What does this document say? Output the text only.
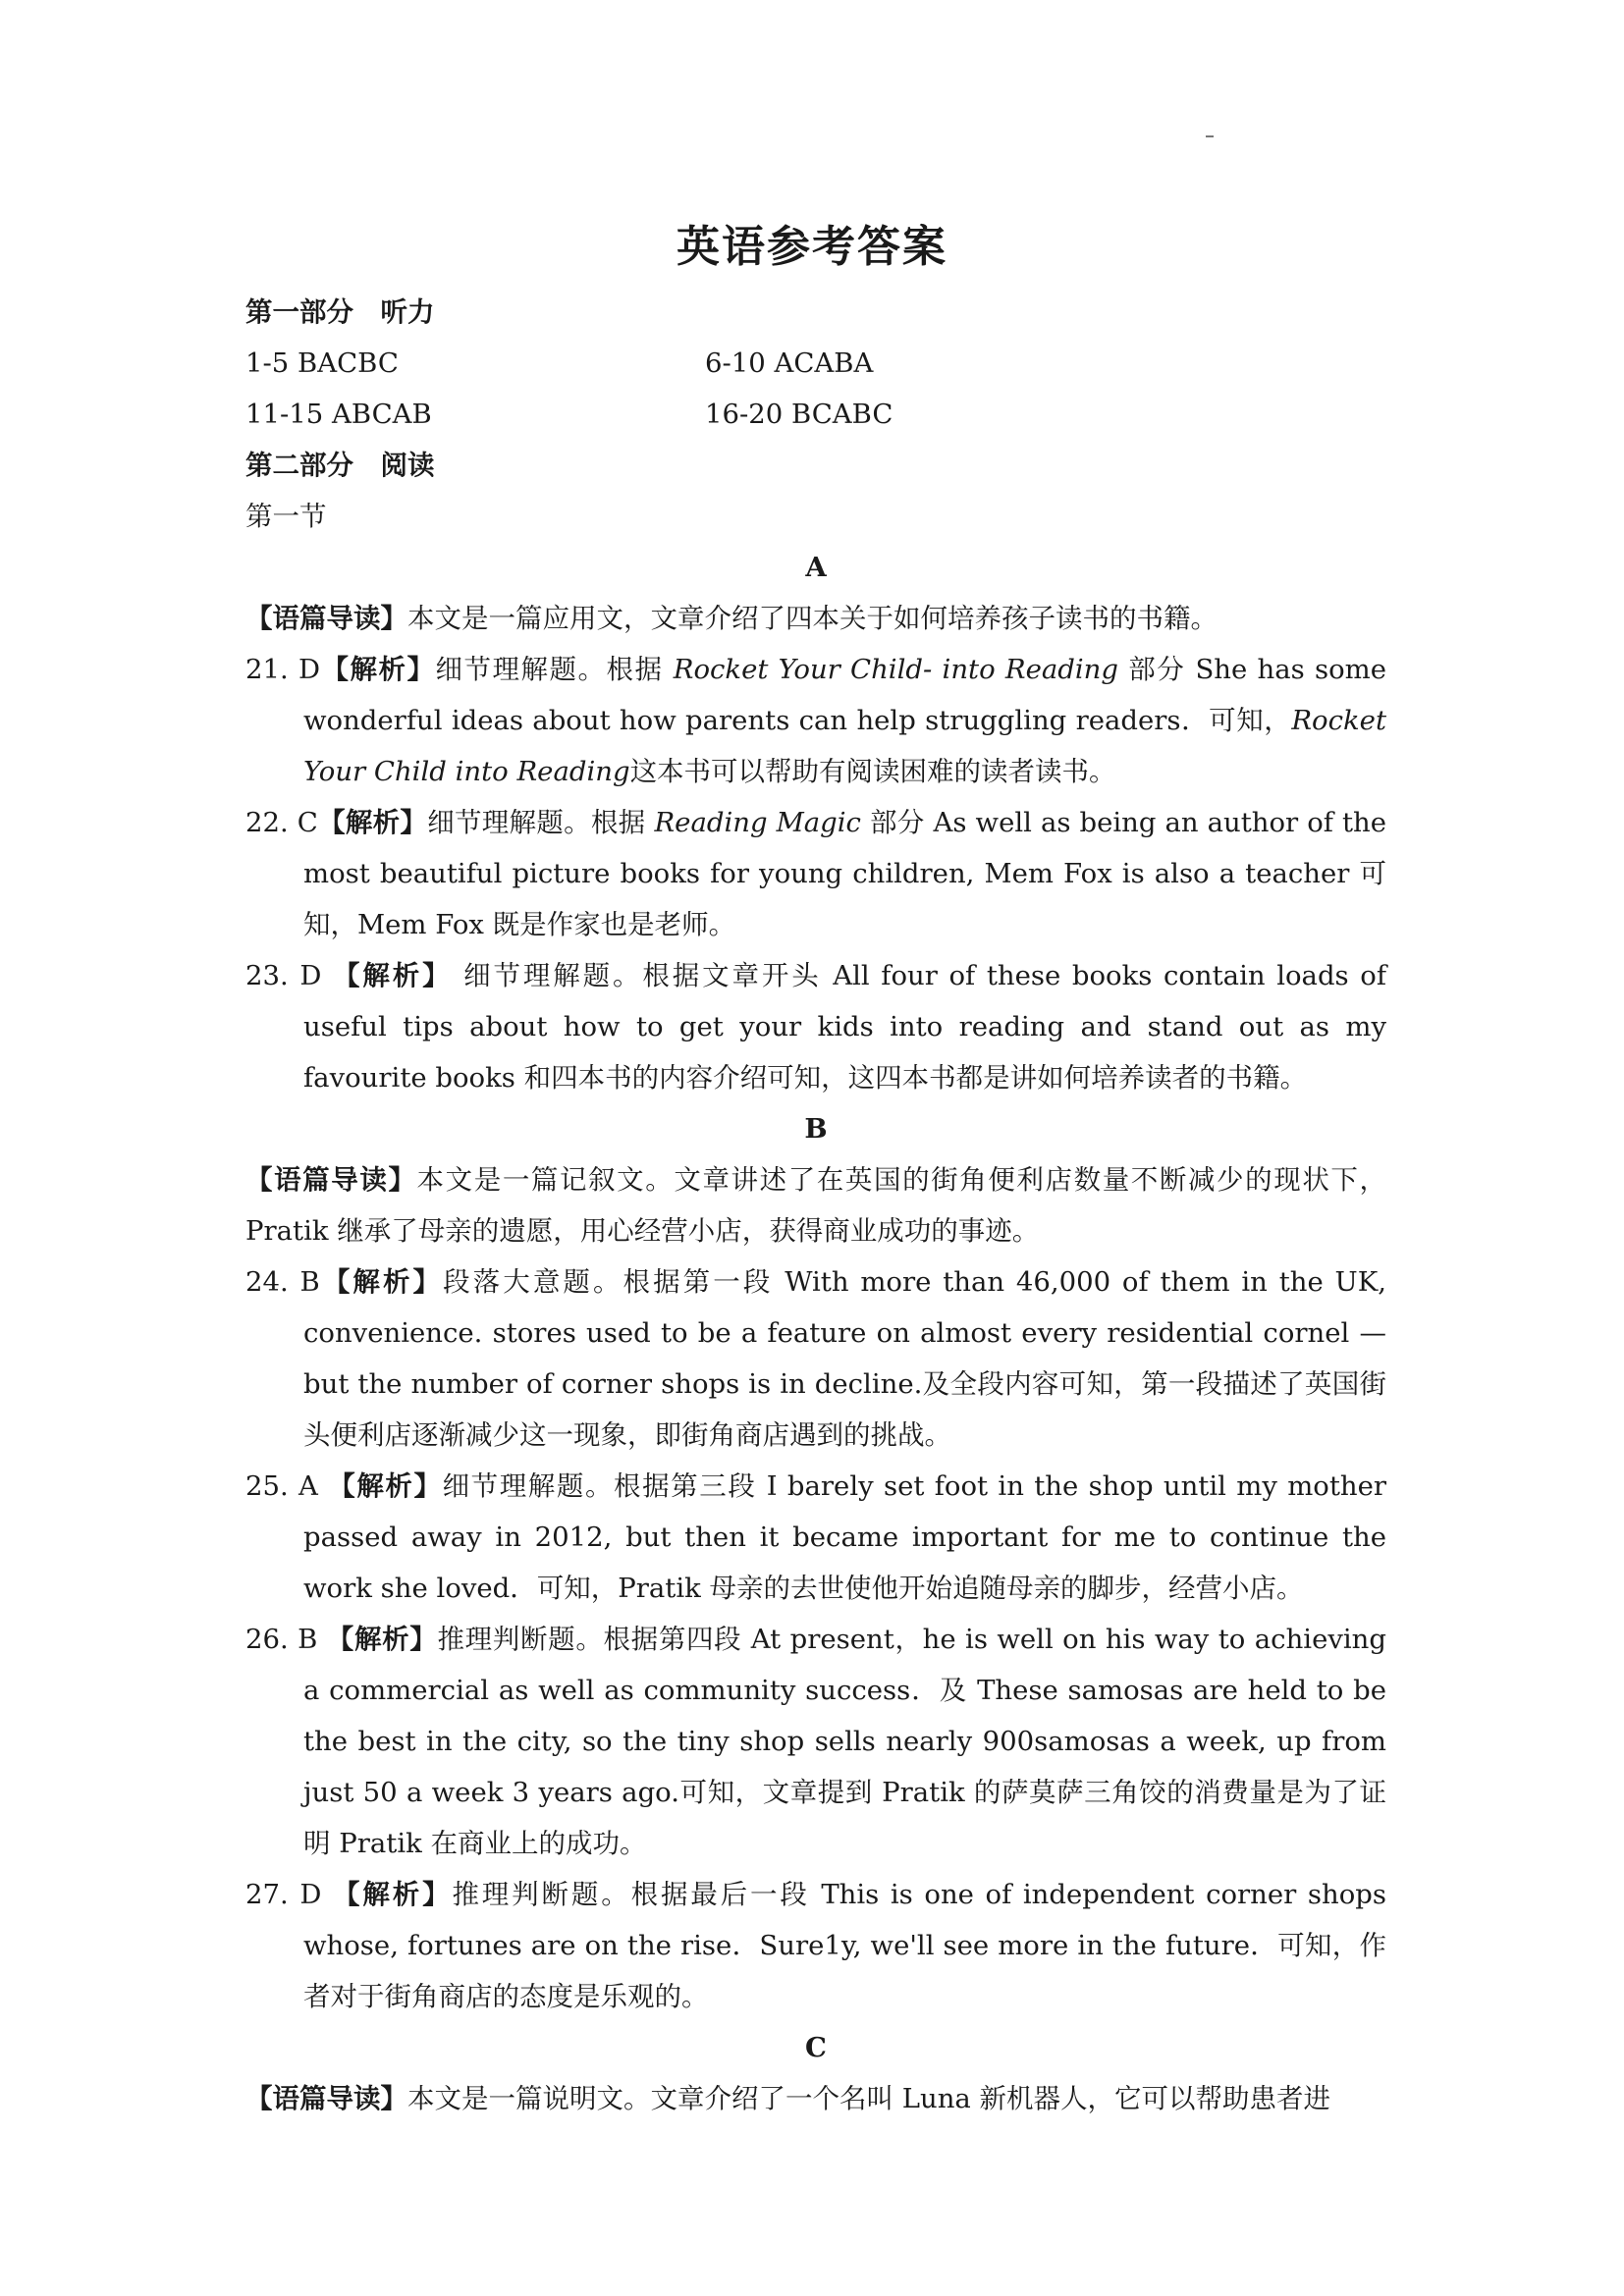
英语参考答案
第一部分　听力
1-5 BACBC	6-10 ACABA
11-15 ABCAB	16-20 BCABC
第二部分　阅读
第一节
A
【语篇导读】本文是一篇应用文，文章介绍了四本关于如何培养孩子读书的书籍。
21. D【解析】细节理解题。根据 Rocket Your Child- into Reading 部分 She has some wonderful ideas about how parents can help struggling readers．可知，Rocket Your Child into Reading这本书可以帮助有阅读困难的读者读书。
22. C【解析】细节理解题。根据 Reading Magic 部分 As well as being an author of the most beautiful picture books for young children, Mem Fox is also a teacher 可知，Mem Fox 既是作家也是老师。
23. D 【解析】 细节理解题。根据文章开头 All four of these books contain loads of useful tips about how to get your kids into reading and stand out as my favourite books 和四本书的内容介绍可知，这四本书都是讲如何培养读者的书籍。
B
【语篇导读】本文是一篇记叙文。文章讲述了在英国的街角便利店数量不断减少的现状下，Pratik 继承了母亲的遗愿，用心经营小店，获得商业成功的事迹。
24. B【解析】段落大意题。根据第一段 With more than 46,000 of them in the UK, convenience. stores used to be a feature on almost every residential cornel — but the number of corner shops is in decline.及全段内容可知，第一段描述了英国街头便利店逐渐减少这一现象，即街角商店遇到的挑战。
25. A 【解析】细节理解题。根据第三段 I barely set foot in the shop until my mother passed away in 2012, but then it became important for me to continue the work she loved．可知，Pratik 母亲的去世使他开始追随母亲的脚步，经营小店。
26. B 【解析】推理判断题。根据第四段 At present，he is well on his way to achieving a commercial as well as community success．及 These samosas are held to be the best in the city, so the tiny shop sells nearly 900samosas a week, up from just 50 a week 3 years ago.可知，文章提到 Pratik 的萨莫萨三角饺的消费量是为了证明 Pratik 在商业上的成功。
27. D 【解析】推理判断题。根据最后一段 This is one of independent corner shops whose, fortunes are on the rise．Sure1y, we'll see more in the future．可知，作者对于街角商店的态度是乐观的。
C
【语篇导读】本文是一篇说明文。文章介绍了一个名叫 Luna 新机器人，它可以帮助患者进
